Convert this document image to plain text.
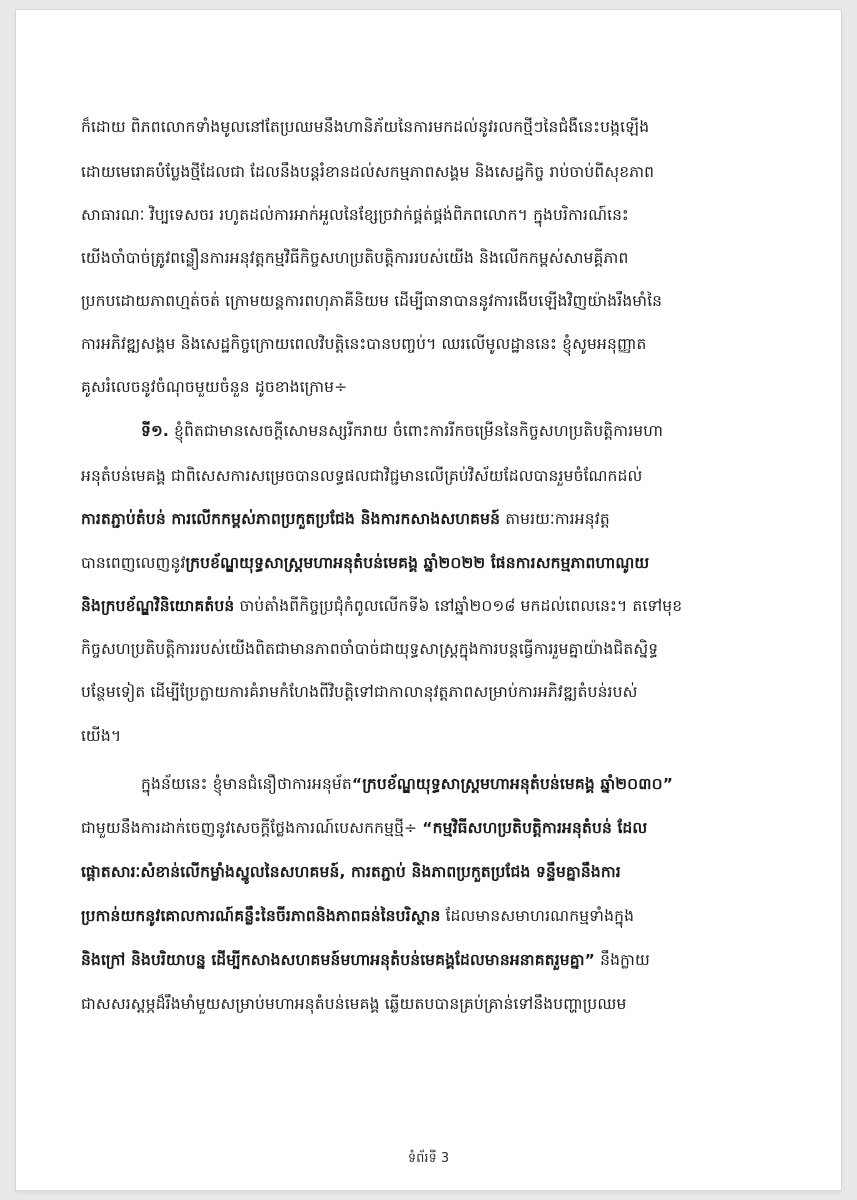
ក៏ដោយ ពិភពលោកទាំងមូលនៅតែប្រឈមនឹងហានិភ័យនៃការមកដល់នូវរលកថ្មីៗនៃជំងឺនេះបង្កឡើង
ដោយមេរោគបំប្លែងថ្មីដែលជា ដែលនឹងបន្តរំខានដល់សកម្មភាពសង្គម និងសេដ្ឋកិច្ច រាប់ចាប់ពីសុខភាព
សាធារណៈ វិប្បទេសចរ រហូតដល់ការអាក់អួលនៃខ្សែច្រវាក់ផ្គត់ផ្គង់ពិភពលោក។ ក្នុងបរិការណ៍នេះ
យើងចាំបាច់ត្រូវពន្លឿនការអនុវត្តកម្មវិធីកិច្ចសហប្រតិបត្តិការរបស់យើង និងលើកកម្ពស់សាមគ្គីភាព
ប្រកបដោយភាពហ្មត់ចត់ ក្រោមយន្តការពហុភាគីនិយម ដើម្បីធានាបាននូវការងើបឡើងវិញយ៉ាងរឹងមាំនៃ
ការអភិវឌ្ឍសង្គម និងសេដ្ឋកិច្ចក្រោយពេលវិបត្តិនេះបានបញ្ចប់។ ឈរលើមូលដ្ឋាននេះ ខ្ញុំសូមអនុញ្ញាត
គូសរំលេចនូវចំណុចមួយចំនួន ដូចខាងក្រោម÷
ទី១. ខ្ញុំពិតជាមានសេចក្តីសោមនស្សរីករាយ ចំពោះការរីកចម្រើននៃកិច្ចសហប្រតិបត្តិការមហា
អនុតំបន់មេគង្គ ជាពិសេសការសម្រេចបានលទ្ធផលជាវិជ្ជមានលើគ្រប់វិស័យដែលបានរួមចំណែកដល់
ការតភ្ជាប់តំបន់ ការលើកកម្ពស់ភាពប្រកួតប្រជែង និងការកសាងសហគមន៍ តាមរយៈការអនុវត្ត
បានពេញលេញនូវក្របខ័ណ្ឌយុទ្ធសាស្ត្រមហាអនុតំបន់មេគង្គ ឆ្នាំ២០២២ ផែនការសកម្មភាពហាណូយ
និងក្របខ័ណ្ឌវិនិយោគតំបន់ ចាប់តាំងពីកិច្ចប្រជុំកំពូលលើកទី៦ នៅឆ្នាំ២០១៨ មកដល់ពេលនេះ។ តទៅមុខ
កិច្ចសហប្រតិបត្តិការរបស់យើងពិតជាមានភាពចាំបាច់ជាយុទ្ធសាស្ត្រក្នុងការបន្តធ្វើការរួមគ្នាយ៉ាងជិតស្និទ្ធ
បន្ថែមទៀត ដើម្បីប្រែក្លាយការគំរាមកំហែងពីវិបត្តិទៅជាកាលានុវត្តភាពសម្រាប់ការអភិវឌ្ឍតំបន់របស់
យើង។
ក្នុងន័យនេះ ខ្ញុំមានជំនឿថាការអនុម័ត“ក្របខ័ណ្ឌយុទ្ធសាស្ត្រមហាអនុតំបន់មេគង្គ ឆ្នាំ២០៣០”
ជាមួយនឹងការដាក់ចេញនូវសេចក្តីថ្លែងការណ៍បេសកកម្មថ្មី÷ “កម្មវិធីសហប្រតិបត្តិការអនុតំបន់ ដែល
ផ្តោតសារៈសំខាន់លើកម្លាំងស្នូលនៃសហគមន៍, ការតភ្ជាប់ និងភាពប្រកួតប្រជែង ទន្ទឹមគ្នានឹងការ
ប្រកាន់យកនូវគោលការណ៍គន្លឹះនៃចីរភាពនិងភាពធន់នៃបរិស្ថាន ដែលមានសមាហរណកម្មទាំងក្នុង
និងក្រៅ និងបរិយាបន្ន ដើម្បីកសាងសហគមន៍មហាអនុតំបន់មេគង្គដែលមានអនាគតរួមគ្នា” នឹងក្លាយ
ជាសសរស្តម្ភដ៏រឹងមាំមួយសម្រាប់មហាអនុតំបន់មេគង្គ ឆ្លើយតបបានគ្រប់គ្រាន់ទៅនឹងបញ្ហាប្រឈម
ទំព័រទី 3
